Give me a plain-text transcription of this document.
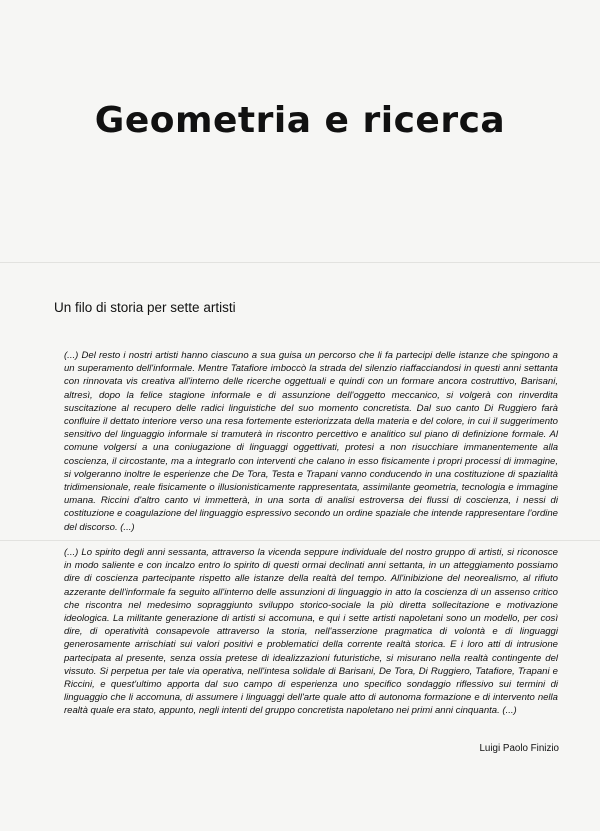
Geometria e ricerca

Un filo di storia per sette artisti

(...) Del resto i nostri artisti hanno ciascuno a sua guisa un percorso che li fa partecipi delle istanze che spingono a un superamento dell'informale. Mentre Tatafiore imboccò la strada del silenzio riaffacciandosi in questi anni settanta con rinnovata vis creativa all'interno delle ricerche oggettuali e quindi con un formare ancora costruttivo, Barisani, altresì, dopo la felice stagione informale e di assunzione dell'oggetto meccanico, si volgerà con rinverdita suscitazione al recupero delle radici linguistiche del suo momento concretista. Dal suo canto Di Ruggiero farà confluire il dettato interiore verso una resa fortemente esteriorizzata della materia e del colore, in cui il suggerimento sensitivo del linguaggio informale si tramuterà in riscontro percettivo e analitico sul piano di definizione formale. Al comune volgersi a una coniugazione di linguaggi oggettivati, protesi a non risucchiare immanentemente alla coscienza, il circostante, ma a integrarlo con interventi che calano in esso fisicamente i propri processi di immagine, si volgeranno inoltre le esperienze che De Tora, Testa e Trapani vanno conducendo in una costituzione di spazialità tridimensionale, reale fisicamente o illusionisticamente rappresentata, assimilante geometria, tecnologia e immagine umana. Riccini d'altro canto vi immetterà, in una sorta di analisi estroversa dei flussi di coscienza, i nessi di costituzione e coagulazione del linguaggio espressivo secondo un ordine spaziale che intende rappresentare l'ordine del discorso. (...)

(...) Lo spirito degli anni sessanta, attraverso la vicenda seppure individuale del nostro gruppo di artisti, si riconosce in modo saliente e con incalzo entro lo spirito di questi ormai declinati anni settanta, in un atteggiamento possiamo dire di coscienza partecipante rispetto alle istanze della realtà del tempo. All'inibizione del neorealismo, al rifiuto azzerante dell'informale fa seguito all'interno delle assunzioni di linguaggio in atto la coscienza di un assenso critico che riscontra nel medesimo sopraggiunto sviluppo storico-sociale la più diretta sollecitazione e motivazione ideologica. La militante generazione di artisti si accomuna, e qui i sette artisti napoletani sono un modello, per così dire, di operatività consapevole attraverso la storia, nell'asserzione pragmatica di volontà e di linguaggi generosamente arrischiati sui valori positivi e problematici della corrente realtà storica. E i loro atti di intrusione partecipata al presente, senza ossia pretese di idealizzazioni futuristiche, si misurano nella realtà contingente del vissuto. Si perpetua per tale via operativa, nell'intesa solidale di Barisani, De Tora, Di Ruggiero, Tatafiore, Trapani e Riccini, e quest'ultimo apporta dal suo campo di esperienza uno specifico sondaggio riflessivo sui termini di linguaggio che li accomuna, di assumere i linguaggi dell'arte quale atto di autonoma formazione e di intervento nella realtà quale era stato, appunto, negli intenti del gruppo concretista napoletano nei primi anni cinquanta. (...)

Luigi Paolo Finizio
